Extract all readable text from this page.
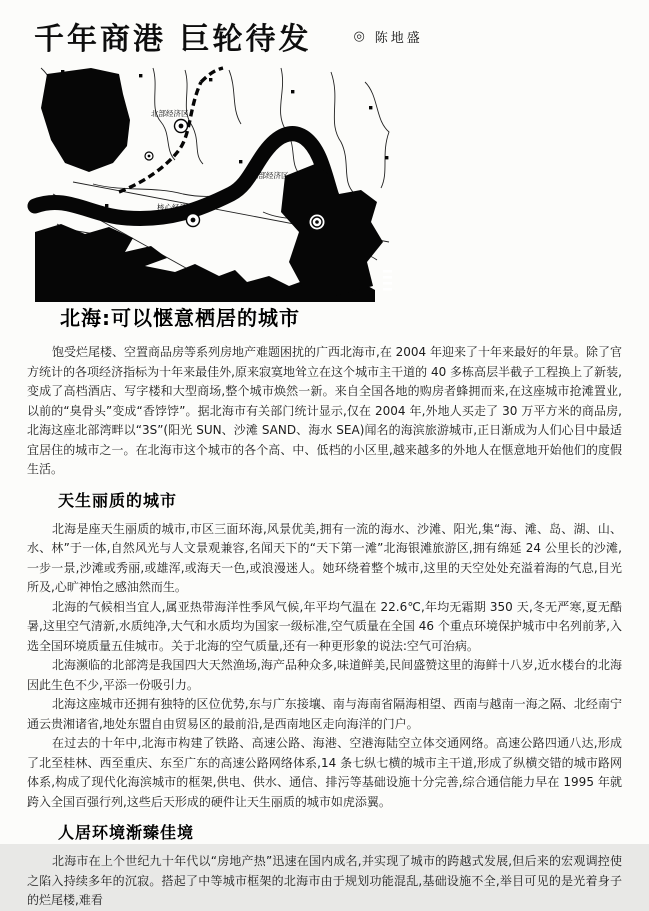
千年商港 巨轮待发	◎ 陈地盛
北部经济区
东部经济区
核心经济区
北海:可以惬意栖居的城市

饱受烂尾楼、空置商品房等系列房地产难题困扰的广西北海市,在 2004 年迎来了十年来最好的年景。除了官方统计的各项经济指标为十年来最佳外,原来寂寞地耸立在这个城市主干道的 40 多栋高层半截子工程换上了新装,变成了高档酒店、写字楼和大型商场,整个城市焕然一新。来自全国各地的购房者蜂拥而来,在这座城市抢滩置业,以前的“臭骨头”变成“香饽饽”。据北海市有关部门统计显示,仅在 2004 年,外地人买走了 30 万平方米的商品房,北海这座北部湾畔以“3S”(阳光 SUN、沙滩 SAND、海水 SEA)闻名的海滨旅游城市,正日渐成为人们心目中最适宜居住的城市之一。在北海市这个城市的各个高、中、低档的小区里,越来越多的外地人在惬意地开始他们的度假生活。

天生丽质的城市

北海是座天生丽质的城市,市区三面环海,风景优美,拥有一流的海水、沙滩、阳光,集“海、滩、岛、湖、山、水、林”于一体,自然风光与人文景观兼容,名闻天下的“天下第一滩”北海银滩旅游区,拥有绵延 24 公里长的沙滩,一步一景,沙滩或秀丽,或雄浑,或海天一色,或浪漫迷人。她环绕着整个城市,这里的天空处处充溢着海的气息,目光所及,心旷神怡之感油然而生。

北海的气候相当宜人,属亚热带海洋性季风气候,年平均气温在 22.6℃,年均无霜期 350 天,冬无严寒,夏无酷暑,这里空气清新,水质纯净,大气和水质均为国家一级标准,空气质量在全国 46 个重点环境保护城市中名列前茅,入选全国环境质量五佳城市。关于北海的空气质量,还有一种更形象的说法:空气可治病。

北海濒临的北部湾是我国四大天然渔场,海产品种众多,味道鲜美,民间盛赞这里的海鲜十八岁,近水楼台的北海因此生色不少,平添一份吸引力。

北海这座城市还拥有独特的区位优势,东与广东接壤、南与海南省隔海相望、西南与越南一海之隔、北经南宁通云贵湘诸省,地处东盟自由贸易区的最前沿,是西南地区走向海洋的门户。

在过去的十年中,北海市构建了铁路、高速公路、海港、空港海陆空立体交通网络。高速公路四通八达,形成了北至桂林、西至重庆、东至广东的高速公路网络体系,14 条七纵七横的城市主干道,形成了纵横交错的城市路网体系,构成了现代化海滨城市的框架,供电、供水、通信、排污等基础设施十分完善,综合通信能力早在 1995 年就跨入全国百强行列,这些后天形成的硬件让天生丽质的城市如虎添翼。

人居环境渐臻佳境

北海市在上个世纪九十年代以“房地产热”迅速在国内成名,并实现了城市的跨越式发展,但后来的宏观调控使之陷入持续多年的沉寂。搭起了中等城市框架的北海市由于规划功能混乱,基础设施不全,举目可见的是光着身子的烂尾楼,难看
